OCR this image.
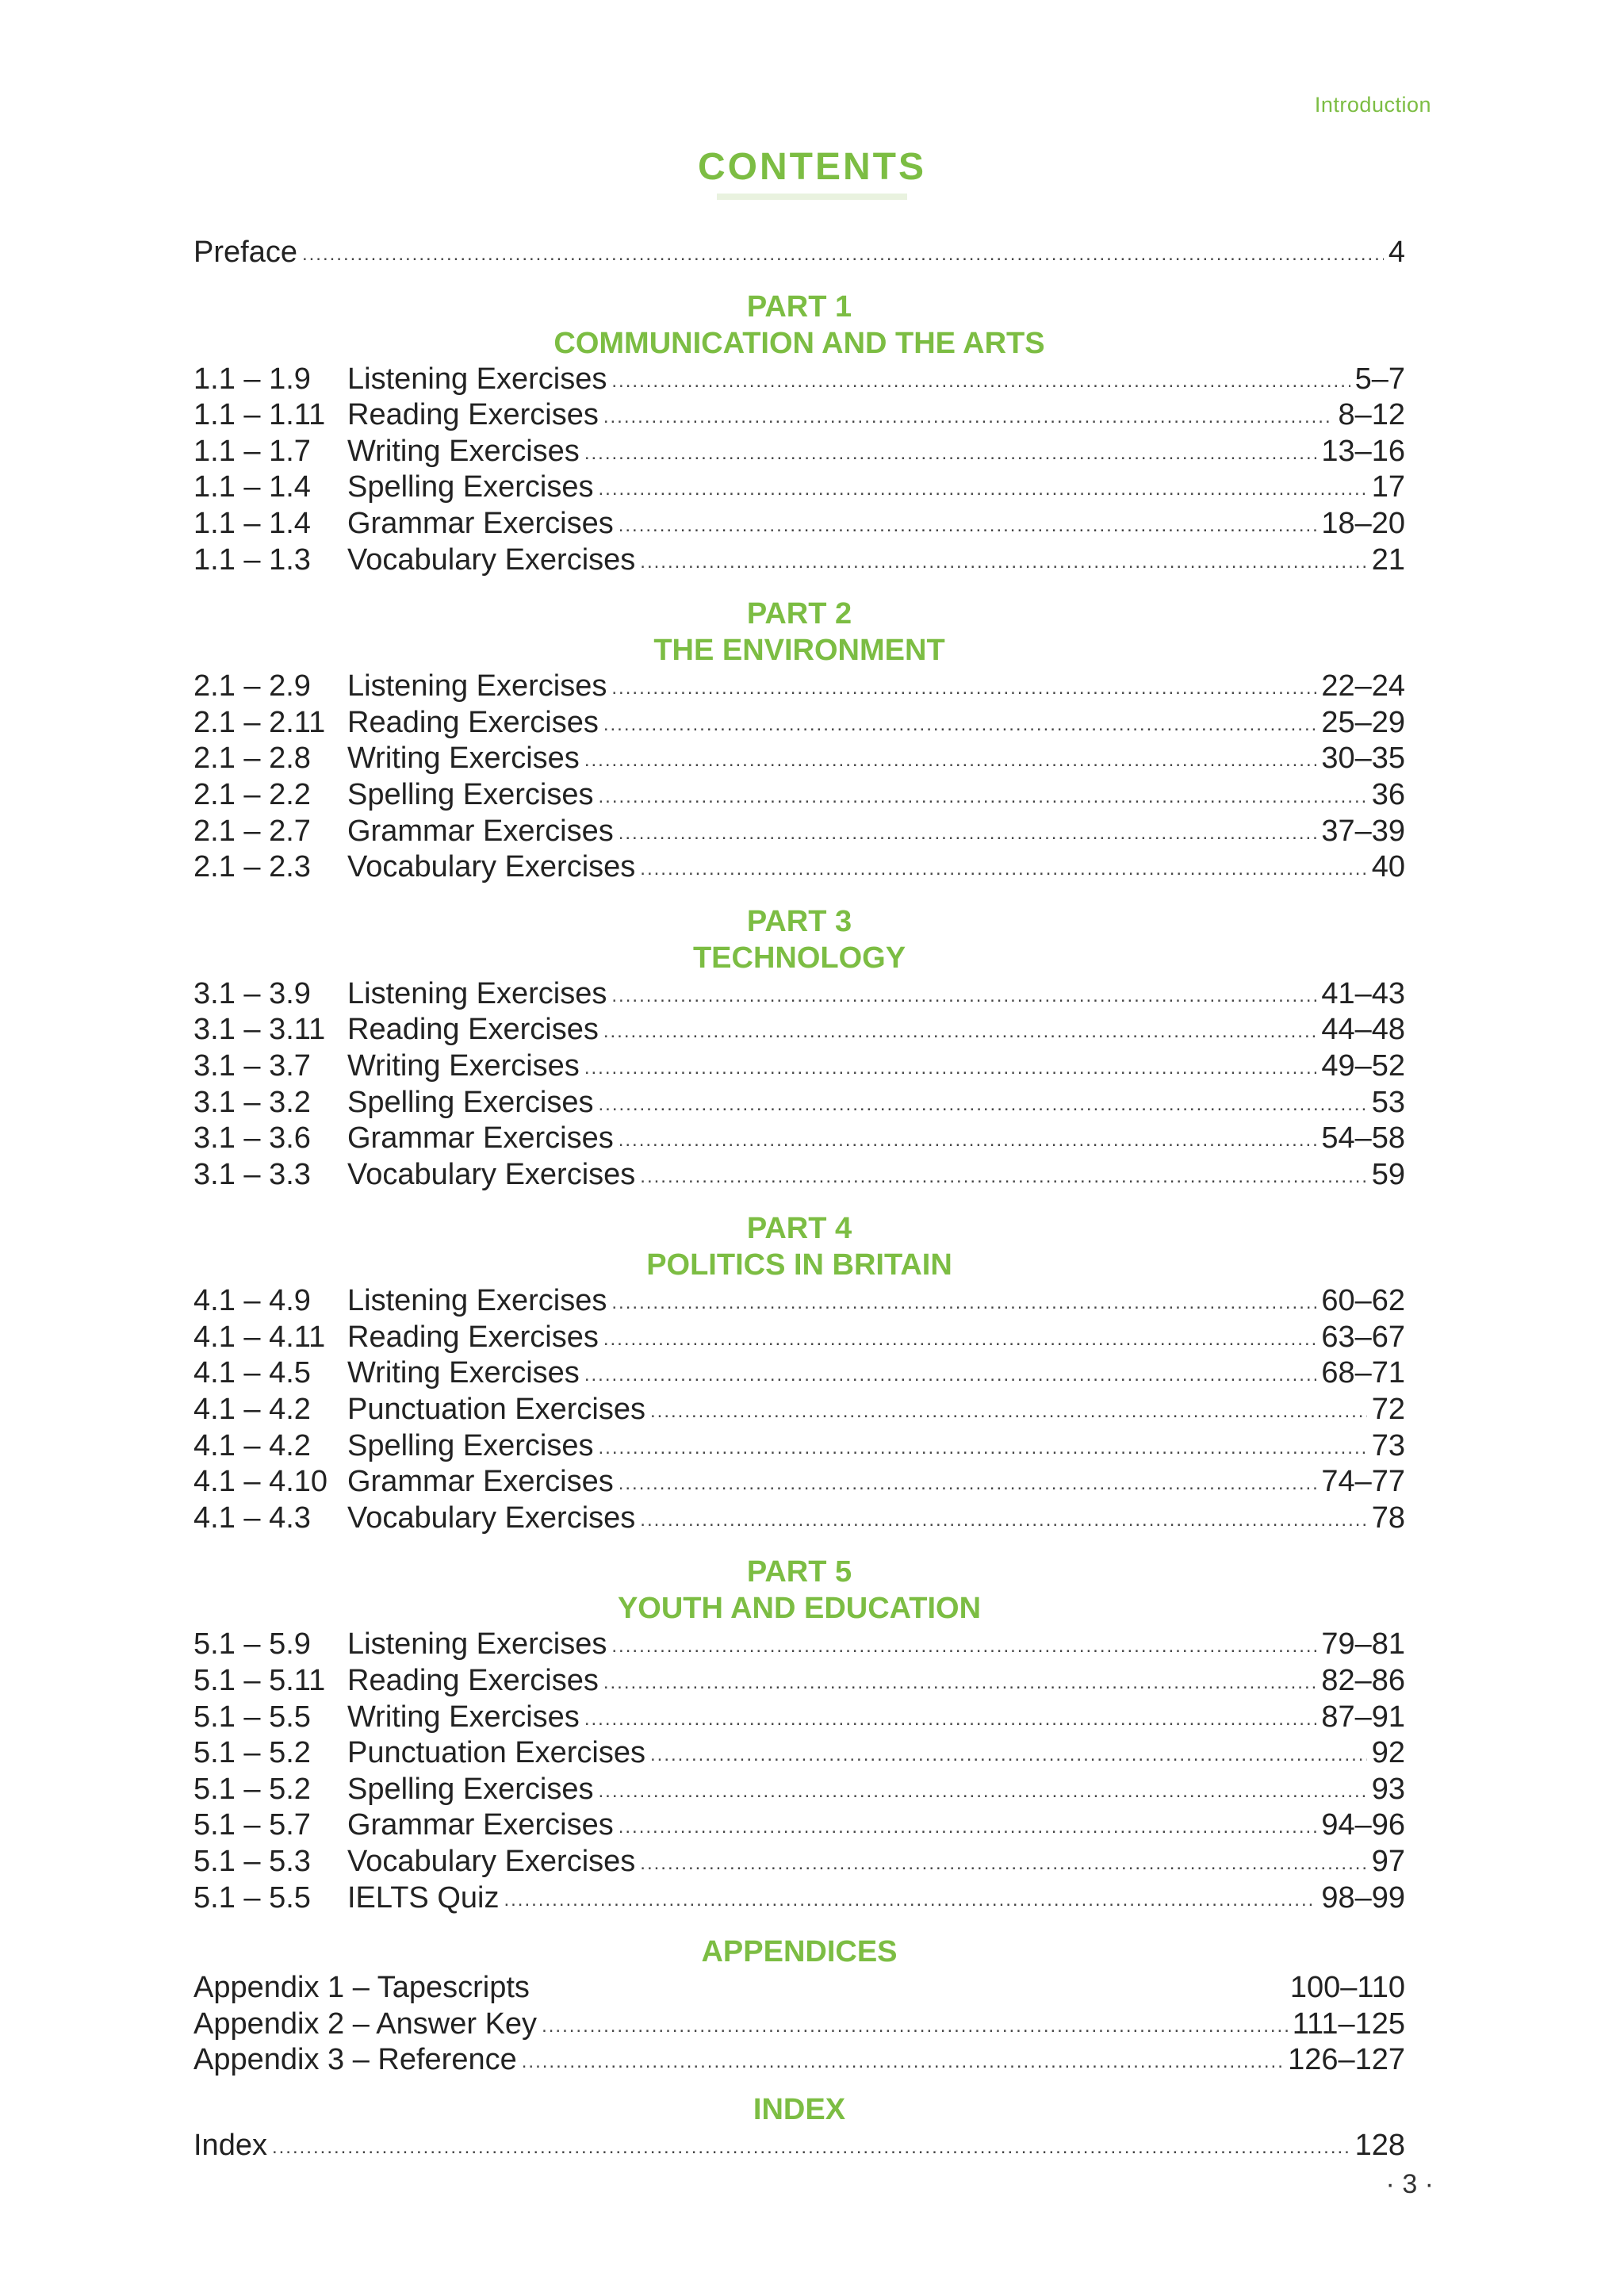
Introduction
CONTENTS
Preface .....	4
PART 1
COMMUNICATION AND THE ARTS
1.1 – 1.9	Listening Exercises .....	5–7
1.1 – 1.11 Reading Exercises .....	8–12
1.1 – 1.7	Writing Exercises .....	13–16
1.1 – 1.4	Spelling Exercises .....	17
1.1 – 1.4	Grammar Exercises .....	18–20
1.1 – 1.3	Vocabulary Exercises .....	21
PART 2
THE ENVIRONMENT
2.1 – 2.9	Listening Exercises .....	22–24
2.1 – 2.11 Reading Exercises .....	25–29
2.1 – 2.8	Writing Exercises .....	30–35
2.1 – 2.2	Spelling Exercises .....	36
2.1 – 2.7	Grammar Exercises .....	37–39
2.1 – 2.3	Vocabulary Exercises .....	40
PART 3
TECHNOLOGY
3.1 – 3.9	Listening Exercises .....	41–43
3.1 – 3.11 Reading Exercises .....	44–48
3.1 – 3.7	Writing Exercises .....	49–52
3.1 – 3.2	Spelling Exercises .....	53
3.1 – 3.6	Grammar Exercises .....	54–58
3.1 – 3.3	Vocabulary Exercises .....	59
PART 4
POLITICS IN BRITAIN
4.1 – 4.9	Listening Exercises .....	60–62
4.1 – 4.11 Reading Exercises .....	63–67
4.1 – 4.5	Writing Exercises .....	68–71
4.1 – 4.2	Punctuation Exercises .....	72
4.1 – 4.2	Spelling Exercises .....	73
4.1 – 4.10 Grammar Exercises .....	74–77
4.1 – 4.3	Vocabulary Exercises .....	78
PART 5
YOUTH AND EDUCATION
5.1 – 5.9	Listening Exercises .....	79–81
5.1 – 5.11 Reading Exercises .....	82–86
5.1 – 5.5	Writing Exercises .....	87–91
5.1 – 5.2	Punctuation Exercises .....	92
5.1 – 5.2	Spelling Exercises .....	93
5.1 – 5.7	Grammar Exercises .....	94–96
5.1 – 5.3	Vocabulary Exercises .....	97
5.1 – 5.5	IELTS Quiz .....	98–99
APPENDICES
Appendix 1 – Tapescripts	100–110
Appendix 2 – Answer Key .....	111–125
Appendix 3 – Reference .....	126–127
INDEX
Index .....	128
· 3 ·
